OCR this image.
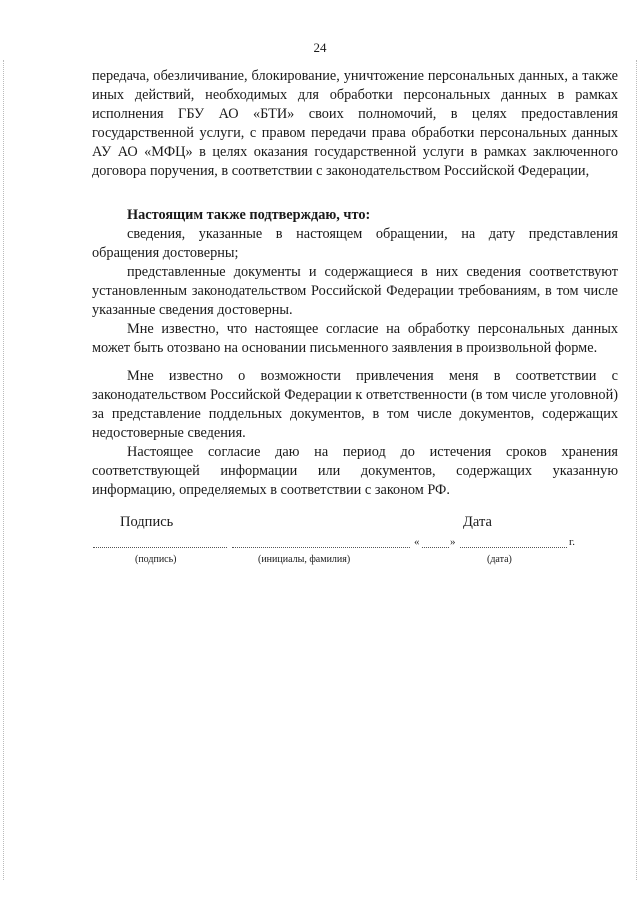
24

передача, обезличивание, блокирование, уничтожение персональных данных, а также иных действий, необходимых для обработки персональных данных в рамках исполнения ГБУ АО «БТИ» своих полномочий, в целях предоставления государственной услуги, с правом передачи права обработки персональных данных АУ АО «МФЦ» в целях оказания государственной услуги в рамках заключенного договора поручения, в соответствии с законодательством Российской Федерации,

Настоящим также подтверждаю, что:

сведения, указанные в настоящем обращении, на дату представления обращения достоверны;

представленные документы и содержащиеся в них сведения соответствуют установленным законодательством Российской Федерации требованиям, в том числе указанные сведения достоверны.

Мне известно, что настоящее согласие на обработку персональных данных может быть отозвано на основании письменного заявления в произвольной форме.

Мне известно о возможности привлечения меня в соответствии с законодательством Российской Федерации к ответственности (в том числе уголовной) за представление поддельных документов, в том числе документов, содержащих недостоверные сведения.

Настоящее согласие даю на период до истечения сроков хранения соответствующей информации или документов, содержащих указанную информацию, определяемых в соответствии с законом РФ.

Подпись	Дата
«	»	г.
(подпись)	(инициалы, фамилия)	(дата)
